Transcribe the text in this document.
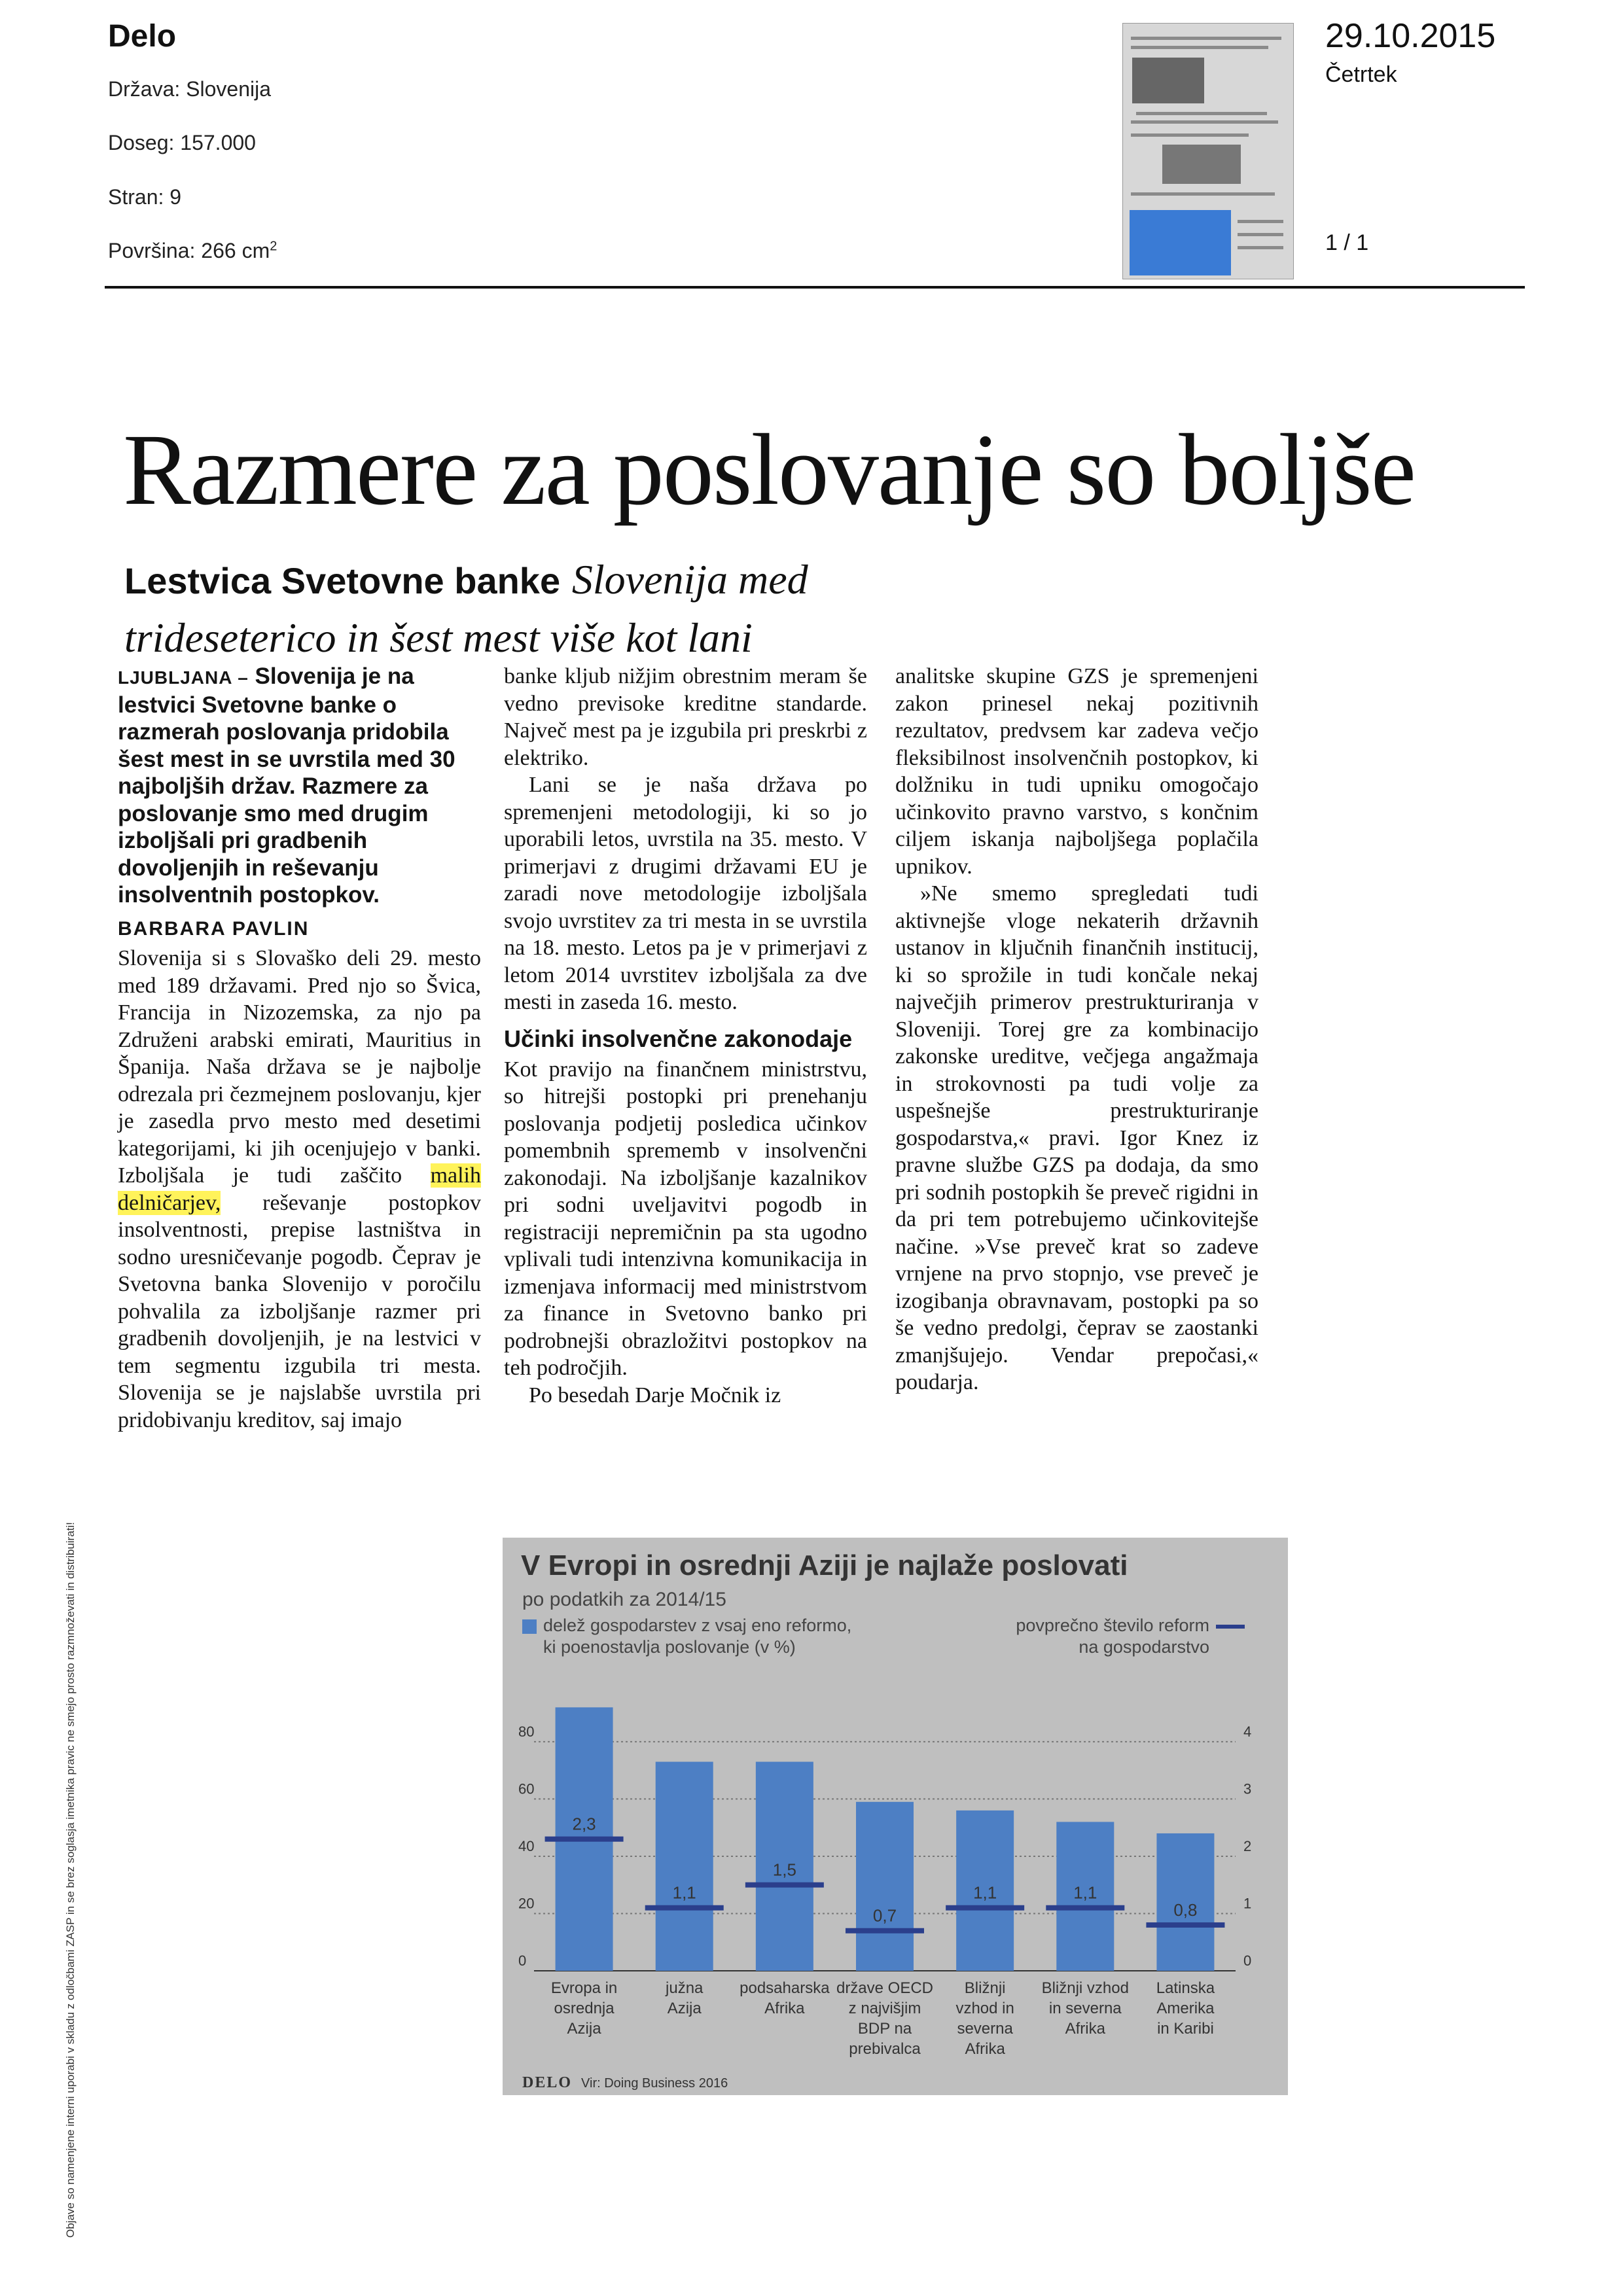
Delo
Država: Slovenija
Doseg: 157.000
Stran: 9
Površina: 266 $cm^2$
29.10.2015
Četrtek
1 / 1
Objave so namenjene interni uporabi v skladu z odločbami ZASP in se brez soglasja imetnika pravic ne smejo prosto razmnoževati in distribuirati!
Razmere za poslovanje so boljše
Lestvica Svetovne banke Slovenija med trideseterico in šest mest više kot lani

LJUBLJANA – Slovenija je na lestvici Svetovne banke o razmerah poslovanja pridobila šest mest in se uvrstila med 30 najboljših držav. Razmere za poslovanje smo med drugim izboljšali pri gradbenih dovoljenjih in reševanju insolventnih postopkov.

BARBARA PAVLIN

Slovenija si s Slovaško deli 29. mesto med 189 državami. Pred njo so Švica, Francija in Nizozemska, za njo pa Združeni arabski emirati, Mauritius in Španija. Naša država se je najbolje odrezala pri čezmejnem poslovanju, kjer je zasedla prvo mesto med desetimi kategorijami, ki jih ocenjujejo v banki. Izboljšala je tudi zaščito malih delničarjev, reševanje postopkov insolventnosti, prepise lastništva in sodno uresničevanje pogodb. Čeprav je Svetovna banka Slovenijo v poročilu pohvalila za izboljšanje razmer pri gradbenih dovoljenjih, je na lestvici v tem segmentu izgubila tri mesta. Slovenija se je najslabše uvrstila pri pridobivanju kreditov, saj imajo

banke kljub nižjim obrestnim meram še vedno previsoke kreditne standarde. Največ mest pa je izgubila pri preskrbi z elektriko.

Lani se je naša država po spremenjeni metodologiji, ki so jo uporabili letos, uvrstila na 35. mesto. V primerjavi z drugimi državami EU je zaradi nove metodologije izboljšala svojo uvrstitev za tri mesta in se uvrstila na 18. mesto. Letos pa je v primerjavi z letom 2014 uvrstitev izboljšala za dve mesti in zaseda 16. mesto.

Učinki insolvenčne zakonodaje

Kot pravijo na finančnem ministrstvu, so hitrejši postopki pri prenehanju poslovanja podjetij posledica učinkov pomembnih sprememb v insolvenčni zakonodaji. Na izboljšanje kazalnikov pri sodni uveljavitvi pogodb in registraciji nepremičnin pa sta ugodno vplivali tudi intenzivna komunikacija in izmenjava informacij med ministrstvom za finance in Svetovno banko pri podrobnejši obrazložitvi postopkov na teh področjih.

Po besedah Darje Močnik iz

analitske skupine GZS je spremenjeni zakon prinesel nekaj pozitivnih rezultatov, predvsem kar zadeva večjo fleksibilnost insolvenčnih postopkov, ki dolžniku in tudi upniku omogočajo učinkovito pravno varstvo, s končnim ciljem iskanja najboljšega poplačila upnikov.

»Ne smemo spregledati tudi aktivnejše vloge nekaterih državnih ustanov in ključnih finančnih institucij, ki so sprožile in tudi končale nekaj največjih primerov prestrukturiranja v Sloveniji. Torej gre za kombinacijo zakonske ureditve, večjega angažmaja in strokovnosti pa tudi volje za uspešnejše prestrukturiranje gospodarstva,« pravi. Igor Knez iz pravne službe GZS pa dodaja, da smo pri sodnih postopkih še preveč rigidni in da pri tem potrebujemo učinkovitejše načine. »Vse preveč krat so zadeve vrnjene na prvo stopnjo, vse preveč je izogibanja obravnavam, postopki pa so še vedno predolgi, čeprav se zaostanki zmanjšujejo. Vendar prepočasi,« poudarja.

V Evropi in osrednji Aziji je najlaže poslovati
po podatkih za 2014/15
delež gospodarstev z vsaj eno reformo,
ki poenostavlja poslovanje (v %)
povprečno število reform
na gospodarstvo
0
20
40
60
80
0
1
2
3
4
2,3
Evropa in
osrednja
Azija
1,1
južna
Azija
1,5
podsaharska
Afrika
0,7
države OECD
z najvišjim
BDP na
prebivalca
1,1
Bližnji
vzhod in
severna
Afrika
1,1
Bližnji vzhod
in severna
Afrika
0,8
Latinska
Amerika
in Karibi
DELO Vir: Doing Business 2016
